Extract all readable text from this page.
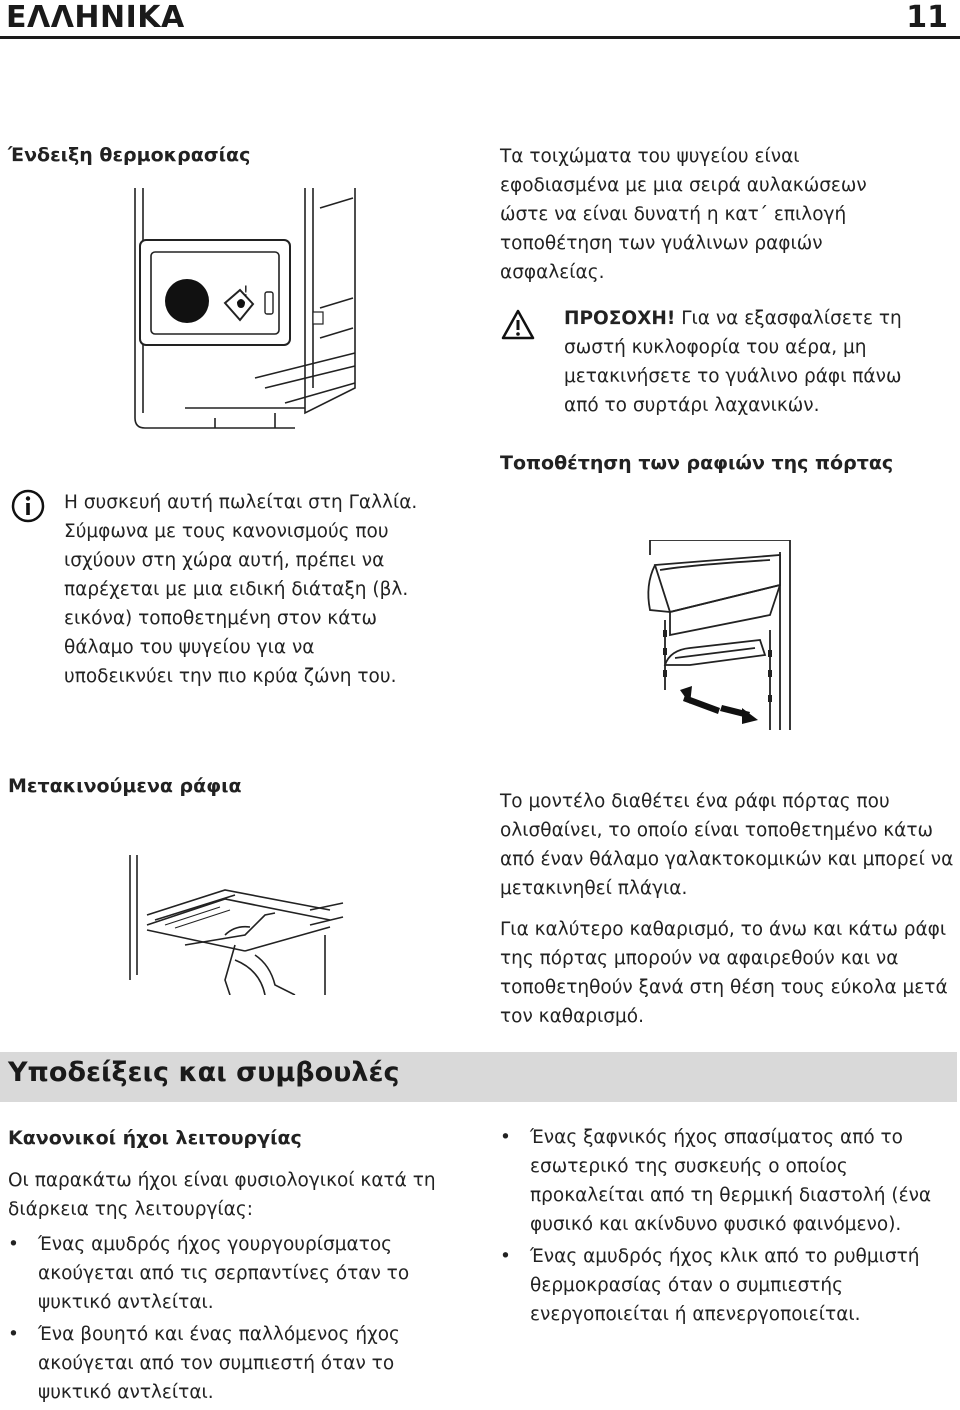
ΕΛΛΗΝΙΚΑ	11
Ένδειξη θερμοκρασίας
!
Η συσκευή αυτή πωλείται στη Γαλλία. Σύμφωνα με τους κανονισμούς που ισχύουν στη χώρα αυτή, πρέπει να παρέχεται με μια ειδική διάταξη (βλ. εικόνα) τοποθετημένη στον κάτω θάλαμο του ψυγείου για να υποδεικνύει την πιο κρύα ζώνη του.
Μετακινούμενα ράφια
Τα τοιχώματα του ψυγείου είναι εφοδιασμένα με μια σειρά αυλακώσεων ώστε να είναι δυνατή η κατ΄ επιλογή τοποθέτηση των γυάλινων ραφιών ασφαλείας.
ΠΡΟΣΟΧΗ! Για να εξασφαλίσετε τη σωστή κυκλοφορία του αέρα, μη μετακινήσετε το γυάλινο ράφι πάνω από το συρτάρι λαχανικών.
Τοποθέτηση των ραφιών της πόρτας

Το μοντέλο διαθέτει ένα ράφι πόρτας που ολισθαίνει, το οποίο είναι τοποθετημένο κάτω από έναν θάλαμο γαλακτοκομικών και μπορεί να μετακινηθεί πλάγια.

Για καλύτερο καθαρισμό, το άνω και κάτω ράφι της πόρτας μπορούν να αφαιρεθούν και να τοποθετηθούν ξανά στη θέση τους εύκολα μετά τον καθαρισμό.

Υποδείξεις και συμβουλές
Κανονικοί ήχοι λειτουργίας

Οι παρακάτω ήχοι είναι φυσιολογικοί κατά τη διάρκεια της λειτουργίας:

• Ένας αμυδρός ήχος γουργουρίσματος ακούγεται από τις σερπαντίνες όταν το ψυκτικό αντλείται.
• Ένα βουητό και ένας παλλόμενος ήχος ακούγεται από τον συμπιεστή όταν το ψυκτικό αντλείται.
• Ένας ξαφνικός ήχος σπασίματος από το εσωτερικό της συσκευής ο οποίος προκαλείται από τη θερμική διαστολή (ένα φυσικό και ακίνδυνο φυσικό φαινόμενο).
• Ένας αμυδρός ήχος κλικ από το ρυθμιστή θερμοκρασίας όταν ο συμπιεστής ενεργοποιείται ή απενεργοποιείται.
